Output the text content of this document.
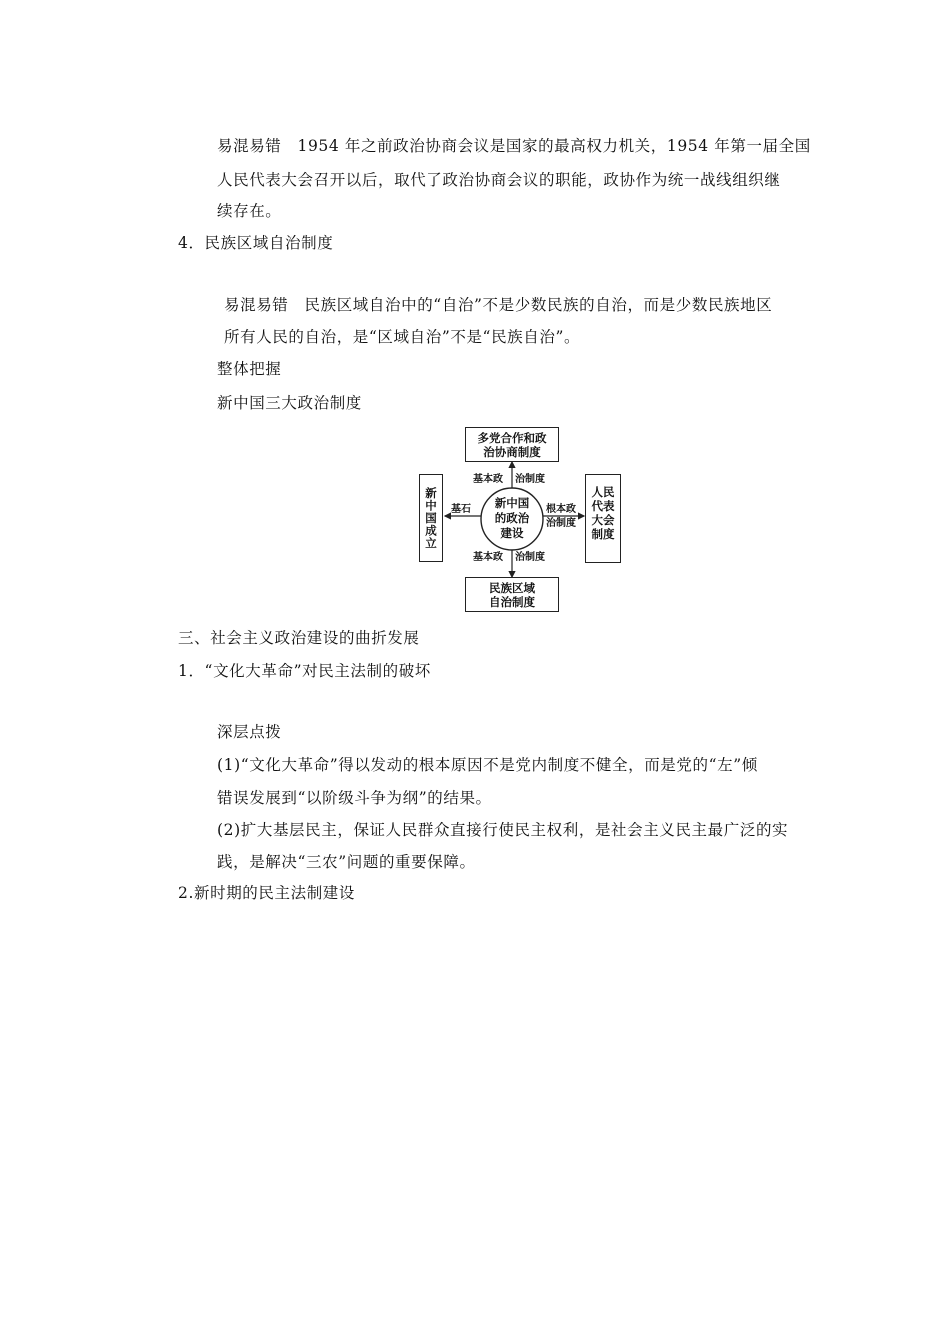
易混易错　1954 年之前政治协商会议是国家的最高权力机关，1954 年第一届全国
人民代表大会召开以后，取代了政治协商会议的职能，政协作为统一战线组织继
续存在。
4．民族区域自治制度
易混易错　民族区域自治中的“自治”不是少数民族的自治，而是少数民族地区
所有人民的自治，是“区域自治”不是“民族自治”。
整体把握
新中国三大政治制度
多党合作和政
治协商制度
新中国成立	人民代表大会制度
民族区域
自治制度
新中国
的政治
建设
基本政 治制度
基本政 治制度
基石	根本政
治制度
三、社会主义政治建设的曲折发展
1．“文化大革命”对民主法制的破坏
深层点拨
(1)“文化大革命”得以发动的根本原因不是党内制度不健全，而是党的“左”倾
错误发展到“以阶级斗争为纲”的结果。
(2)扩大基层民主，保证人民群众直接行使民主权利，是社会主义民主最广泛的实
践，是解决“三农”问题的重要保障。
2.新时期的民主法制建设
